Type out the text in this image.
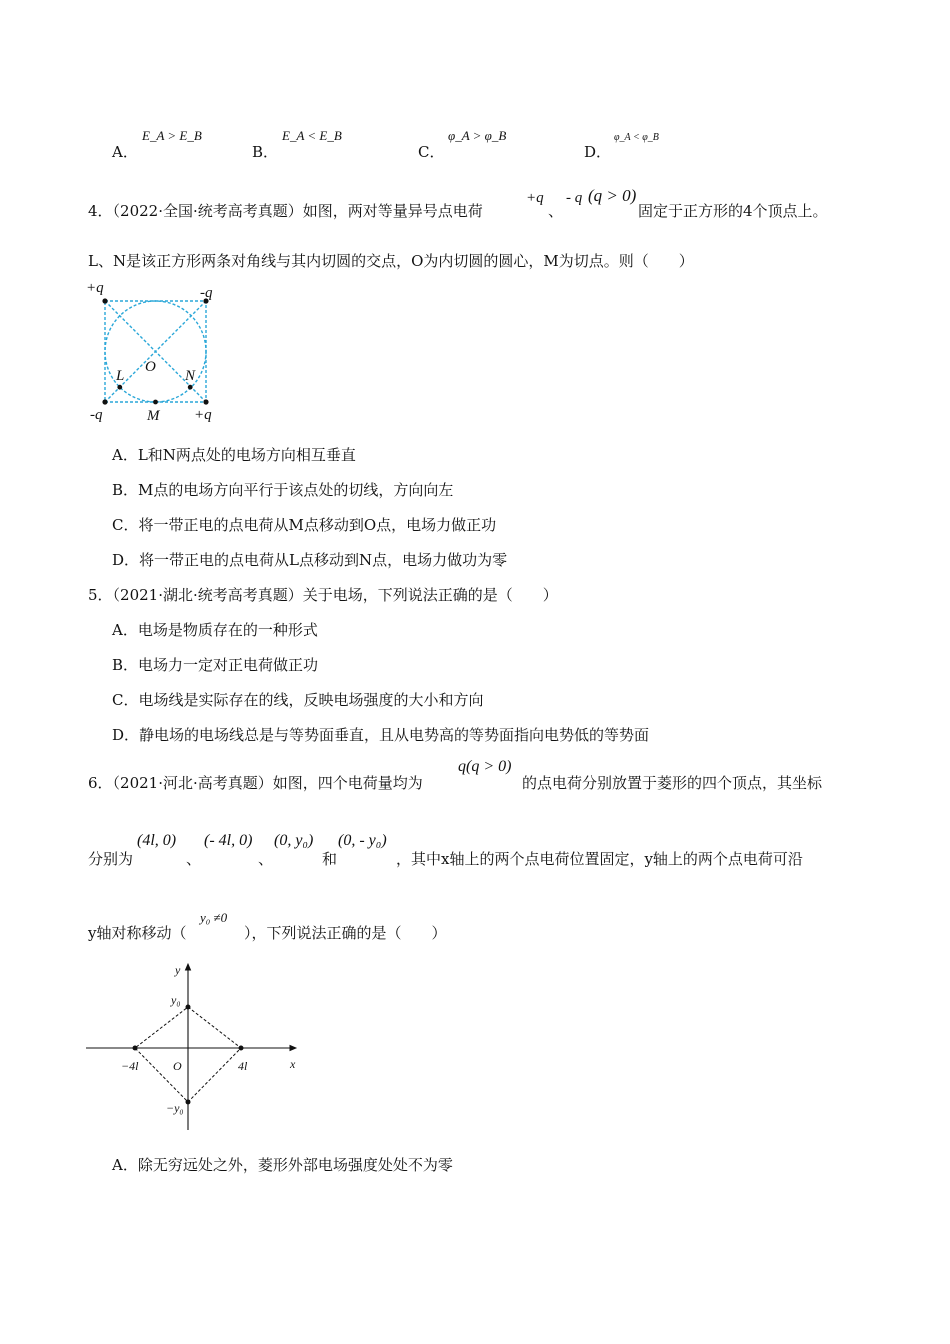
A．
E_A > E_B
B．
E_A < E_B
C．
φ_A > φ_B
D．
φ_A < φ_B
4．（2022·全国·统考高考真题）如图，两对等量异号点电荷
+q
、
- q (q > 0)
固定于正方形的4个顶点上。
L、N是该正方形两条对角线与其内切圆的交点，O为内切圆的圆心，M为切点。则（　　）
+q	-q
-q	+q
L	N
O
M
A．L和N两点处的电场方向相互垂直
B．M点的电场方向平行于该点处的切线，方向向左
C．将一带正电的点电荷从M点移动到O点，电场力做正功
D．将一带正电的点电荷从L点移动到N点，电场力做功为零
5．（2021·湖北·统考高考真题）关于电场，下列说法正确的是（　　）
A．电场是物质存在的一种形式
B．电场力一定对正电荷做正功
C．电场线是实际存在的线，反映电场强度的大小和方向
D．静电场的电场线总是与等势面垂直，且从电势高的等势面指向电势低的等势面
6．（2021·河北·高考真题）如图，四个电荷量均为
q(q > 0)
的点电荷分别放置于菱形的四个顶点，其坐标
分别为
(4l, 0)
、
(- 4l, 0)
、
(0, y₀)
和
(0, - y₀)
，其中x轴上的两个点电荷位置固定，y轴上的两个点电荷可沿
y轴对称移动（
y₀ ≠0
），下列说法正确的是（　　）
y
x
y₀
−y₀
−4l	O	4l
A．除无穷远处之外，菱形外部电场强度处处不为零
